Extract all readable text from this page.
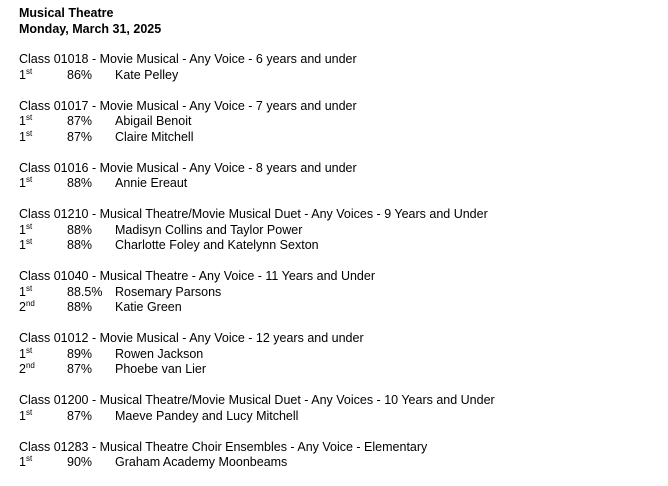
Musical Theatre
Monday, March 31, 2025
Class 01018 - Movie Musical - Any Voice - 6 years and under
1st	86%	Kate Pelley
Class 01017 - Movie Musical - Any Voice - 7 years and under
1st	87%	Abigail Benoit
1st	87%	Claire Mitchell
Class 01016 - Movie Musical - Any Voice - 8 years and under
1st	88%	Annie Ereaut
Class 01210 - Musical Theatre/Movie Musical Duet - Any Voices - 9 Years and Under
1st	88%	Madisyn Collins and Taylor Power
1st	88%	Charlotte Foley and Katelynn Sexton
Class 01040 - Musical Theatre - Any Voice - 11 Years and Under
1st	88.5%	Rosemary Parsons
2nd	88%	Katie Green
Class 01012 - Movie Musical - Any Voice - 12 years and under
1st	89%	Rowen Jackson
2nd	87%	Phoebe van Lier
Class 01200 - Musical Theatre/Movie Musical Duet - Any Voices - 10 Years and Under
1st	87%	Maeve Pandey and Lucy Mitchell
Class 01283 - Musical Theatre Choir Ensembles - Any Voice - Elementary
1st	90%	Graham Academy Moonbeams
